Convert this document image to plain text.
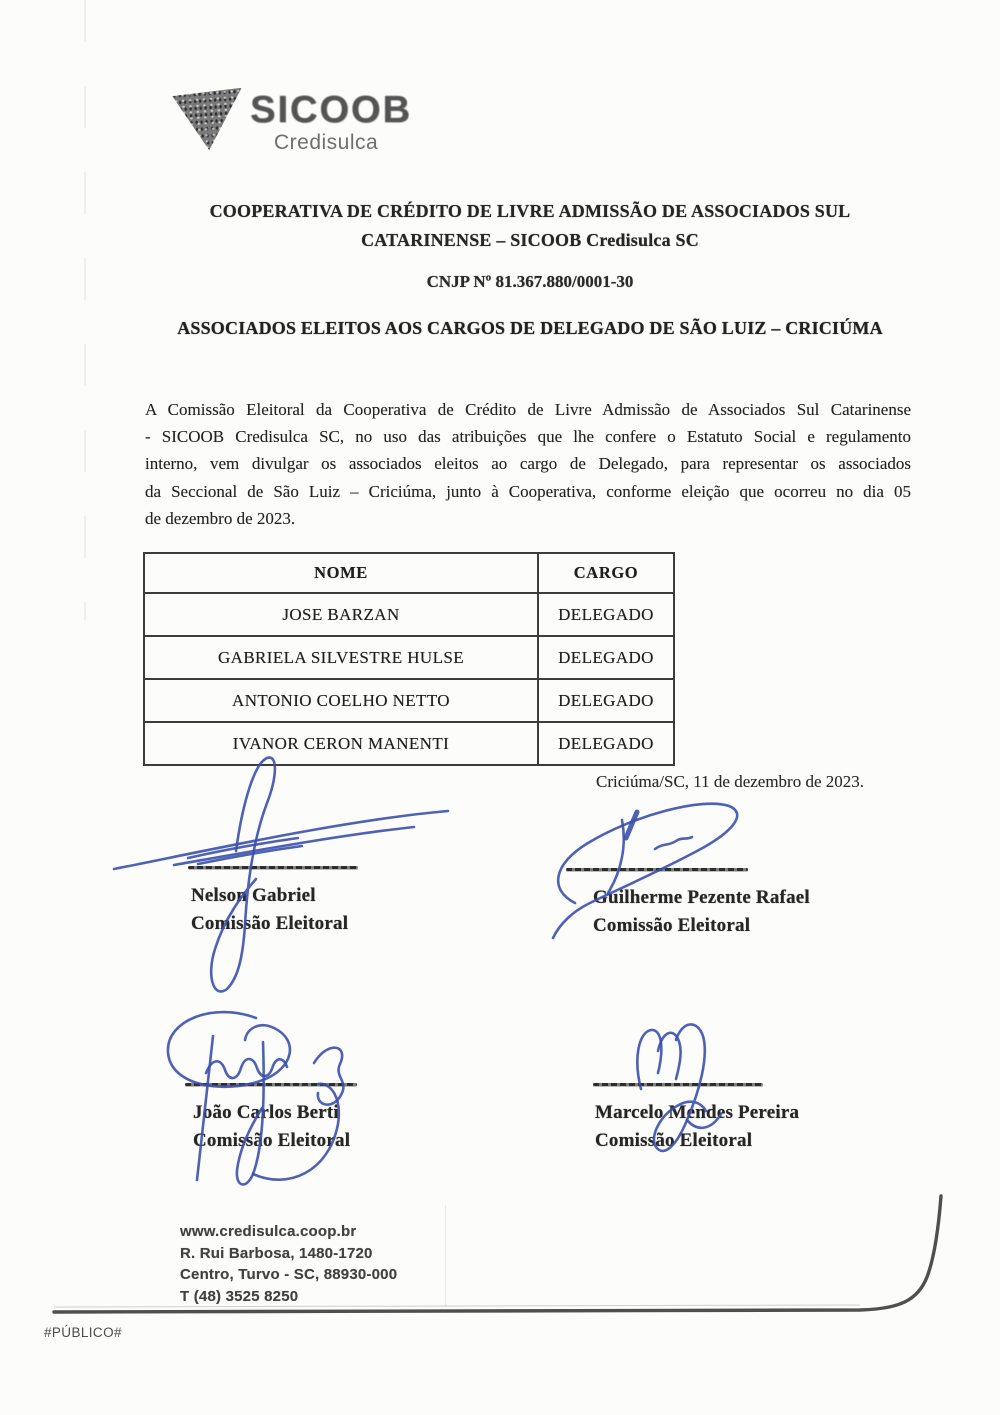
SICOOB
Credisulca
COOPERATIVA DE CRÉDITO DE LIVRE ADMISSÃO DE ASSOCIADOS SUL
CATARINENSE – SICOOB Credisulca SC
CNJP Nº 81.367.880/0001-30
ASSOCIADOS ELEITOS AOS CARGOS DE DELEGADO DE SÃO LUIZ – CRICIÚMA
A Comissão Eleitoral da Cooperativa de Crédito de Livre Admissão de Associados Sul Catarinense
- SICOOB Credisulca SC, no uso das atribuições que lhe confere o Estatuto Social e regulamento
interno, vem divulgar os associados eleitos ao cargo de Delegado, para representar os associados
da Seccional de São Luiz – Criciúma, junto à Cooperativa, conforme eleição que ocorreu no dia 05
de dezembro de 2023.
NOME	CARGO
JOSE BARZAN	DELEGADO
GABRIELA SILVESTRE HULSE	DELEGADO
ANTONIO COELHO NETTO	DELEGADO
IVANOR CERON MANENTI	DELEGADO
Criciúma/SC, 11 de dezembro de 2023.
Nelson Gabriel
Comissão Eleitoral
Guilherme Pezente Rafael
Comissão Eleitoral
João Carlos Berti
Comissão Eleitoral
Marcelo Mendes Pereira
Comissão Eleitoral
www.credisulca.coop.br
R. Rui Barbosa, 1480-1720
Centro, Turvo - SC, 88930-000
T (48) 3525 8250
#PÚBLICO#
